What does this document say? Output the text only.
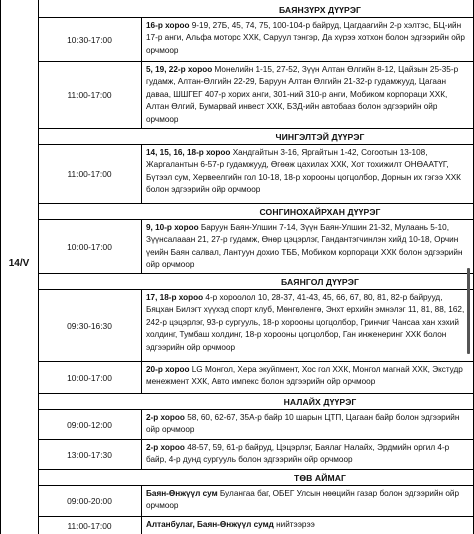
14/V
БАЯНЗҮРХ ДҮҮРЭГ
10:30-17:00
16-р хороо 9-19, 27Б, 45, 74, 75, 100-104-р байруд, Цагдаагийн 2-р хэлтэс, БЦ-ийн 17-р анги, Альфа моторс ХХК, Саруул тэнгэр, Да хүрээ хотхон болон эдгээрийн ойр орчмоор
11:00-17:00
5, 19, 22-р хороо Монелийн 1-15, 27-52, Зүүн Алтан Өлгийн 8-12, Цайзын 25-35-р гудамж, Алтан-Өлгийн 22-29, Баруун Алтан Өлгийн 21-32-р гудамжууд, Цагаан даваа, ШШГЕГ 407-р хорих анги, 301-ний 310-р анги, Мобиком корпораци ХХК, Алтан Өлгий, Бумарвай инвест ХХК, БЗД-ийн автобааз болон эдгээрийн ойр орчмоор
ЧИНГЭЛТЭЙ ДҮҮРЭГ
11:00-17:00
14, 15, 16, 18-р хороо Хандгайтын 3-16, Яргайтын 1-42, Согоотын 13-108, Жаргалантын 6-57-р гудамжууд, Өгөөж цахилах ХХК, Хот тохижилт ОНӨААТҮГ, Бүтээл сум, Хервеелгийн гол 10-18, 18-р хорооны цогцолбор, Дорнын их гэгээ ХХК болон эдгээрийн ойр орчмоор
СОНГИНОХАЙРХАН ДҮҮРЭГ
10:00-17:00
9, 10-р хороо Баруун Баян-Улшин 7-14, Зүүн Баян-Улшин 21-32, Мулаань 5-10, Зүүнсалааан 21, 27-р гудамж, Өнөр цэцэрлэг, Гандантэгчинлэн хийд 10-18, Орчин үеийн Баян салвал, Лантуун дохио ТББ, Мобиком корпораци ХХК болон эдгээрийн ойр орчмоор
БАЯНГОЛ ДҮҮРЭГ
09:30-16:30
17, 18-р хороо 4-р хороолол 10, 28-37, 41-43, 45, 66, 67, 80, 81, 82-р байрууд, Бяцхан Билэгт хүүхэд спорт клуб, Мөнгөленгө, Энхт ерхийн эмнэлэг 11, 81, 88, 162, 242-р цэцэрлэг, 93-р сургууль, 18-р хорооны цогцолбор, Гринчиг Чансаа хан хэхий холдинг, Тумбаш холдинг, 18-р хорооны цогцолбор, Ган инженеринг ХХК болон эдгээрийн ойр орчмоор
10:00-17:00
20-р хороо LG Монгол, Хера экуйпмент, Хос гол ХХК, Монгол магнай ХХК, Экстудр менежмент ХХК, Авто импекс болон эдгээрийн ойр орчмоор
НАЛАЙХ ДҮҮРЭГ
09:00-12:00
2-р хороо 58, 60, 62-67, 35А-р байр 10 шарын ЦТП, Цагаан байр болон эдгээрийн ойр орчмоор
13:00-17:30
2-р хороо 48-57, 59, 61-р байруд, Цэцэрлэг, Баялаг Налайх, Эрдмийн оргил 4-р байр, 4-р дунд сургууль болон эдгээрийн ойр орчмоор
ТӨВ АЙМАГ
09:00-20:00
Баян-Өнжүүл сум Булангаа баг, ОБЕГ Улсын нөөцийн газар болон эдгээрийн ойр орчмоор
11:00-17:00	Алтанбулаг, Баян-Өнжүүл сумд нийтээрээ
